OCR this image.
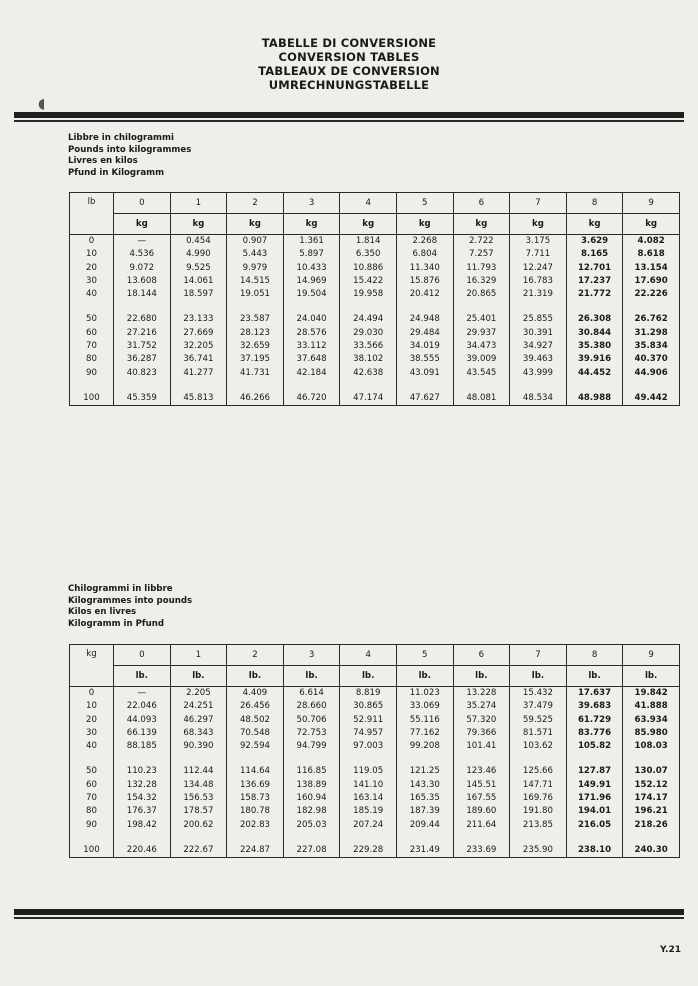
TABELLE DI CONVERSIONE
CONVERSION TABLES
TABLEAUX DE CONVERSION
UMRECHNUNGSTABELLE
Libbre in chilogrammi
Pounds into kilogrammes
Livres en kilos
Pfund in Kilogramm
lb	0	1	2	3	4	5	6	7	8	9
	kg	kg	kg	kg	kg	kg	kg	kg	kg	kg
0	—	0.454	0.907	1.361	1.814	2.268	2.722	3.175	3.629	4.082
10	4.536	4.990	5.443	5.897	6.350	6.804	7.257	7.711	8.165	8.618
20	9.072	9.525	9.979	10.433	10.886	11.340	11.793	12.247	12.701	13.154
30	13.608	14.061	14.515	14.969	15.422	15.876	16.329	16.783	17.237	17.690
40	18.144	18.597	19.051	19.504	19.958	20.412	20.865	21.319	21.772	22.226

50	22.680	23.133	23.587	24.040	24.494	24.948	25.401	25.855	26.308	26.762
60	27.216	27.669	28.123	28.576	29.030	29.484	29.937	30.391	30.844	31.298
70	31.752	32.205	32.659	33.112	33.566	34.019	34.473	34.927	35.380	35.834
80	36.287	36.741	37.195	37.648	38.102	38.555	39.009	39.463	39.916	40.370
90	40.823	41.277	41.731	42.184	42.638	43.091	43.545	43.999	44.452	44.906

100	45.359	45.813	46.266	46.720	47.174	47.627	48.081	48.534	48.988	49.442
Chilogrammi in libbre
Kilogrammes into pounds
Kilos en livres
Kilogramm in Pfund
kg	0	1	2	3	4	5	6	7	8	9
	lb.	lb.	lb.	lb.	lb.	lb.	lb.	lb.	lb.	lb.
0	—	2.205	4.409	6.614	8.819	11.023	13.228	15.432	17.637	19.842
10	22.046	24.251	26.456	28.660	30.865	33.069	35.274	37.479	39.683	41.888
20	44.093	46.297	48.502	50.706	52.911	55.116	57.320	59.525	61.729	63.934
30	66.139	68.343	70.548	72.753	74.957	77.162	79.366	81.571	83.776	85.980
40	88.185	90.390	92.594	94.799	97.003	99.208	101.41	103.62	105.82	108.03

50	110.23	112.44	114.64	116.85	119.05	121.25	123.46	125.66	127.87	130.07
60	132.28	134.48	136.69	138.89	141.10	143.30	145.51	147.71	149.91	152.12
70	154.32	156.53	158.73	160.94	163.14	165.35	167.55	169.76	171.96	174.17
80	176.37	178.57	180.78	182.98	185.19	187.39	189.60	191.80	194.01	196.21
90	198.42	200.62	202.83	205.03	207.24	209.44	211.64	213.85	216.05	218.26

100	220.46	222.67	224.87	227.08	229.28	231.49	233.69	235.90	238.10	240.30
Y.21
◖
